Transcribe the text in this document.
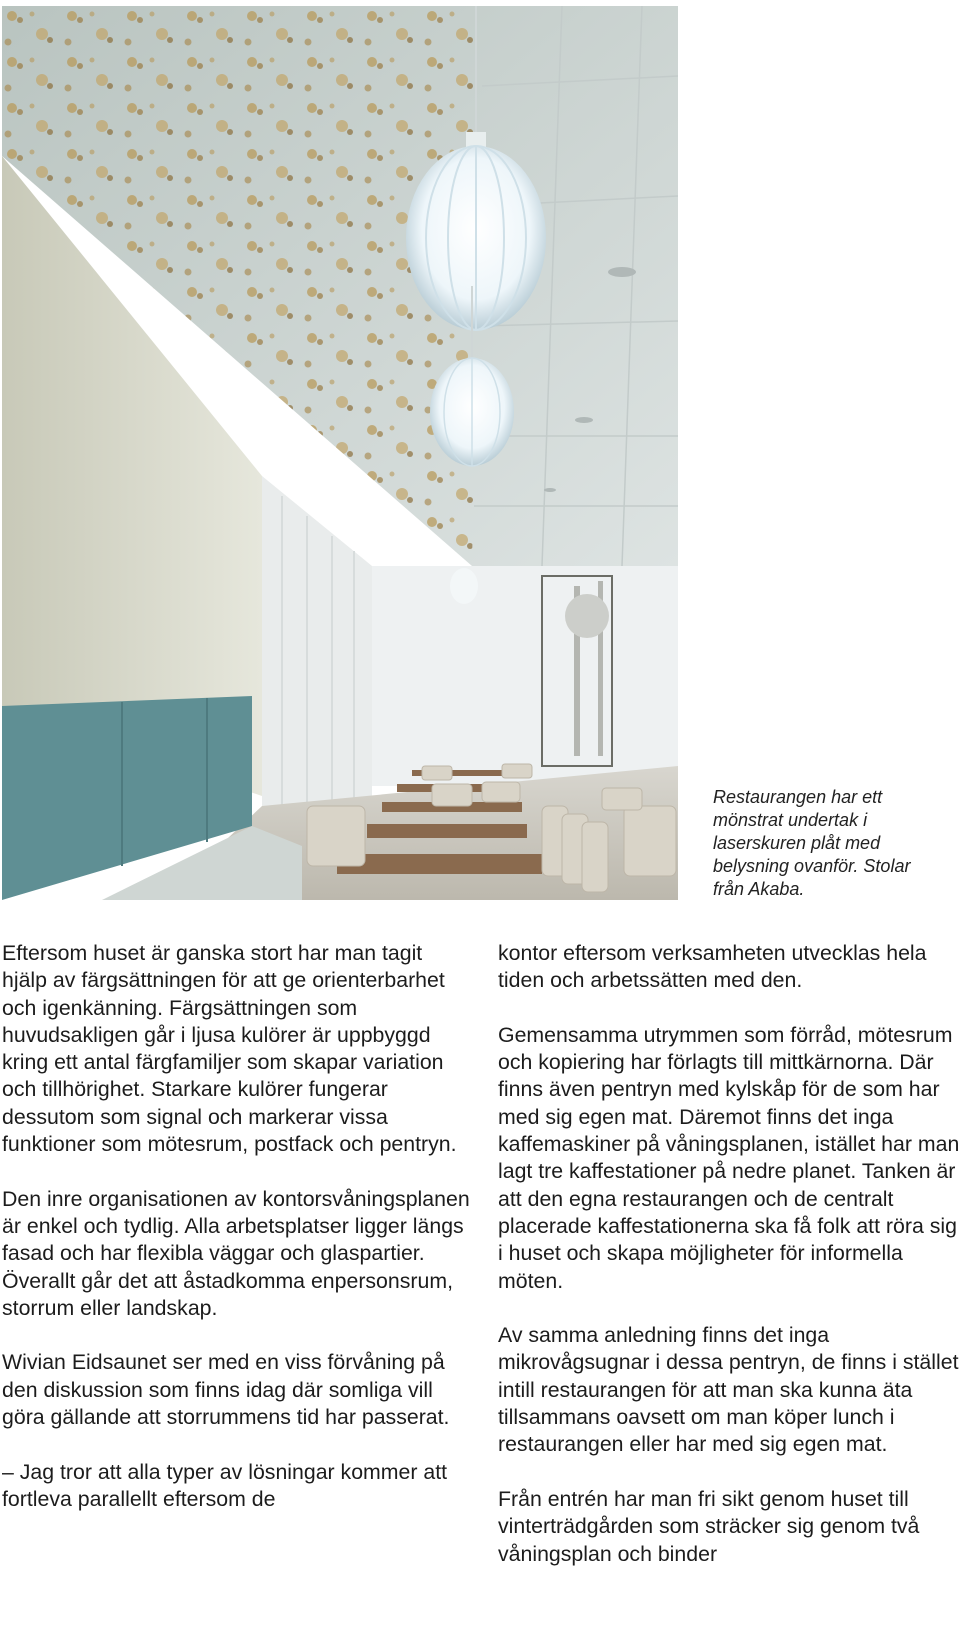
Restaurangen har ett mönstrat undertak i laserskuren plåt med belysning ovanför. Stolar från Akaba.

Eftersom huset är ganska stort har man tagit hjälp av färgsättningen för att ge orienterbarhet och igenkänning. Färgsättningen som huvudsakligen går i ljusa kulörer är uppbyggd kring ett antal färgfamiljer som skapar variation och tillhörighet. Starkare kulörer fungerar dessutom som signal och markerar vissa funktioner som mötesrum, postfack och pentryn.

Den inre organisationen av kontorsvåningsplanen är enkel och tydlig. Alla arbetsplatser ligger längs fasad och har flexibla väggar och glaspartier. Överallt går det att åstadkomma enpersonsrum, storrum eller landskap.

Wivian Eidsaunet ser med en viss förvåning på den diskussion som finns idag där somliga vill göra gällande att storrummens tid har passerat.

– Jag tror att alla typer av lösningar kommer att fortleva parallellt eftersom de

kontor eftersom verksamheten utvecklas hela tiden och arbetssätten med den.

Gemensamma utrymmen som förråd, mötesrum och kopiering har förlagts till mittkärnorna. Där finns även pentryn med kylskåp för de som har med sig egen mat. Däremot finns det inga kaffemaskiner på våningsplanen, istället har man lagt tre kaffestationer på nedre planet. Tanken är att den egna restaurangen och de centralt placerade kaffestationerna ska få folk att röra sig i huset och skapa möjligheter för informella möten.

Av samma anledning finns det inga mikrovågsugnar i dessa pentryn, de finns i stället intill restaurangen för att man ska kunna äta tillsammans oavsett om man köper lunch i restaurangen eller har med sig egen mat.

Från entrén har man fri sikt genom huset till vinterträdgården som sträcker sig genom två våningsplan och binder
